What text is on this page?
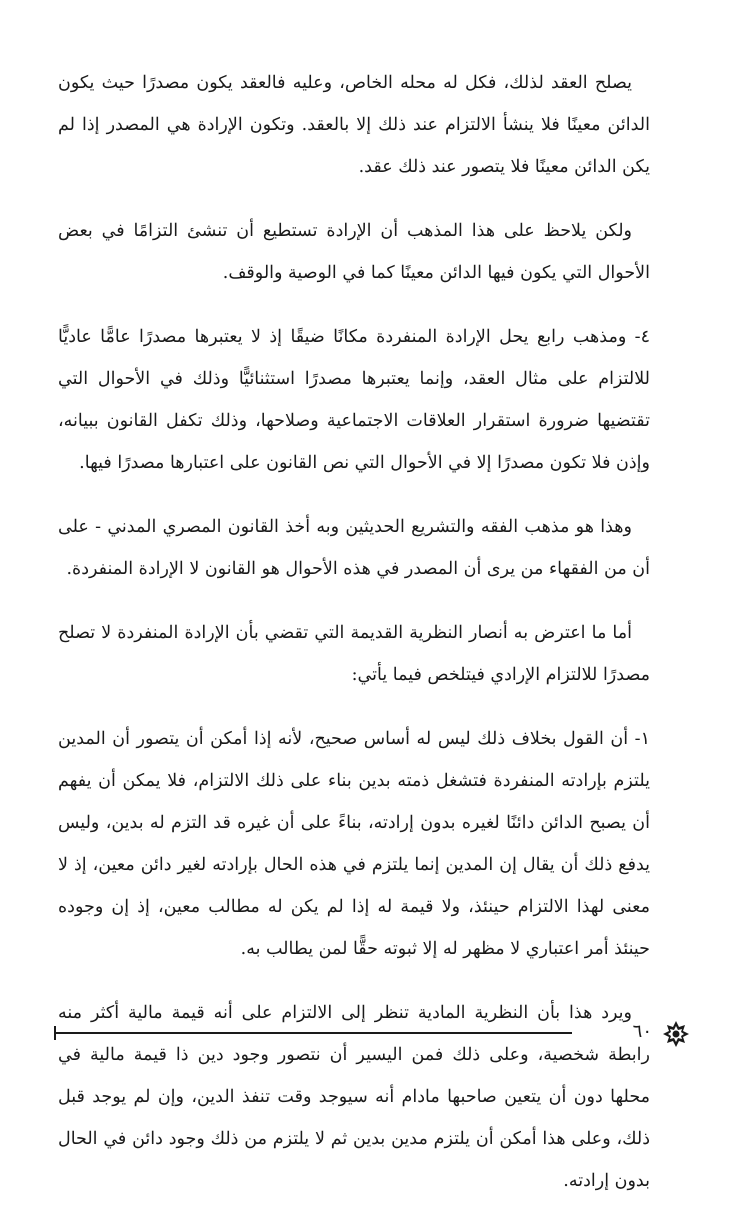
يصلح العقد لذلك، فكل له محله الخاص، وعليه فالعقد يكون مصدرًا حيث يكون الدائن معينًا فلا ينشأ الالتزام عند ذلك إلا بالعقد. وتكون الإرادة هي المصدر إذا لم يكن الدائن معينًا فلا يتصور عند ذلك عقد.

ولكن يلاحظ على هذا المذهب أن الإرادة تستطيع أن تنشئ التزامًا في بعض الأحوال التي يكون فيها الدائن معينًا كما في الوصية والوقف.

٤- ومذهب رابع يحل الإرادة المنفردة مكانًا ضيقًا إذ لا يعتبرها مصدرًا عامًّا عاديًّا للالتزام على مثال العقد، وإنما يعتبرها مصدرًا استثنائيًّا وذلك في الأحوال التي تقتضيها ضرورة استقرار العلاقات الاجتماعية وصلاحها، وذلك تكفل القانون ببيانه، وإذن فلا تكون مصدرًا إلا في الأحوال التي نص القانون على اعتبارها مصدرًا فيها.

وهذا هو مذهب الفقه والتشريع الحديثين وبه أخذ القانون المصري المدني - على أن من الفقهاء من يرى أن المصدر في هذه الأحوال هو القانون لا الإرادة المنفردة.

أما ما اعترض به أنصار النظرية القديمة التي تقضي بأن الإرادة المنفردة لا تصلح مصدرًا للالتزام الإرادي فيتلخص فيما يأتي:

١- أن القول بخلاف ذلك ليس له أساس صحيح، لأنه إذا أمكن أن يتصور أن المدين يلتزم بإرادته المنفردة فتشغل ذمته بدين بناء على ذلك الالتزام، فلا يمكن أن يفهم أن يصبح الدائن دائنًا لغيره بدون إرادته، بناءً على أن غيره قد التزم له بدين، وليس يدفع ذلك أن يقال إن المدين إنما يلتزم في هذه الحال بإرادته لغير دائن معين، إذ لا معنى لهذا الالتزام حينئذ، ولا قيمة له إذا لم يكن له مطالب معين، إذ إن وجوده حينئذ أمر اعتباري لا مظهر له إلا ثبوته حقًّا لمن يطالب به.

ويرد هذا بأن النظرية المادية تنظر إلى الالتزام على أنه قيمة مالية أكثر منه رابطة شخصية، وعلى ذلك فمن اليسير أن نتصور وجود دين ذا قيمة مالية في محلها دون أن يتعين صاحبها مادام أنه سيوجد وقت تنفذ الدين، وإن لم يوجد قبل ذلك، وعلى هذا أمكن أن يلتزم مدين بدين ثم لا يلتزم من ذلك وجود دائن في الحال بدون إرادته.

٦٠
